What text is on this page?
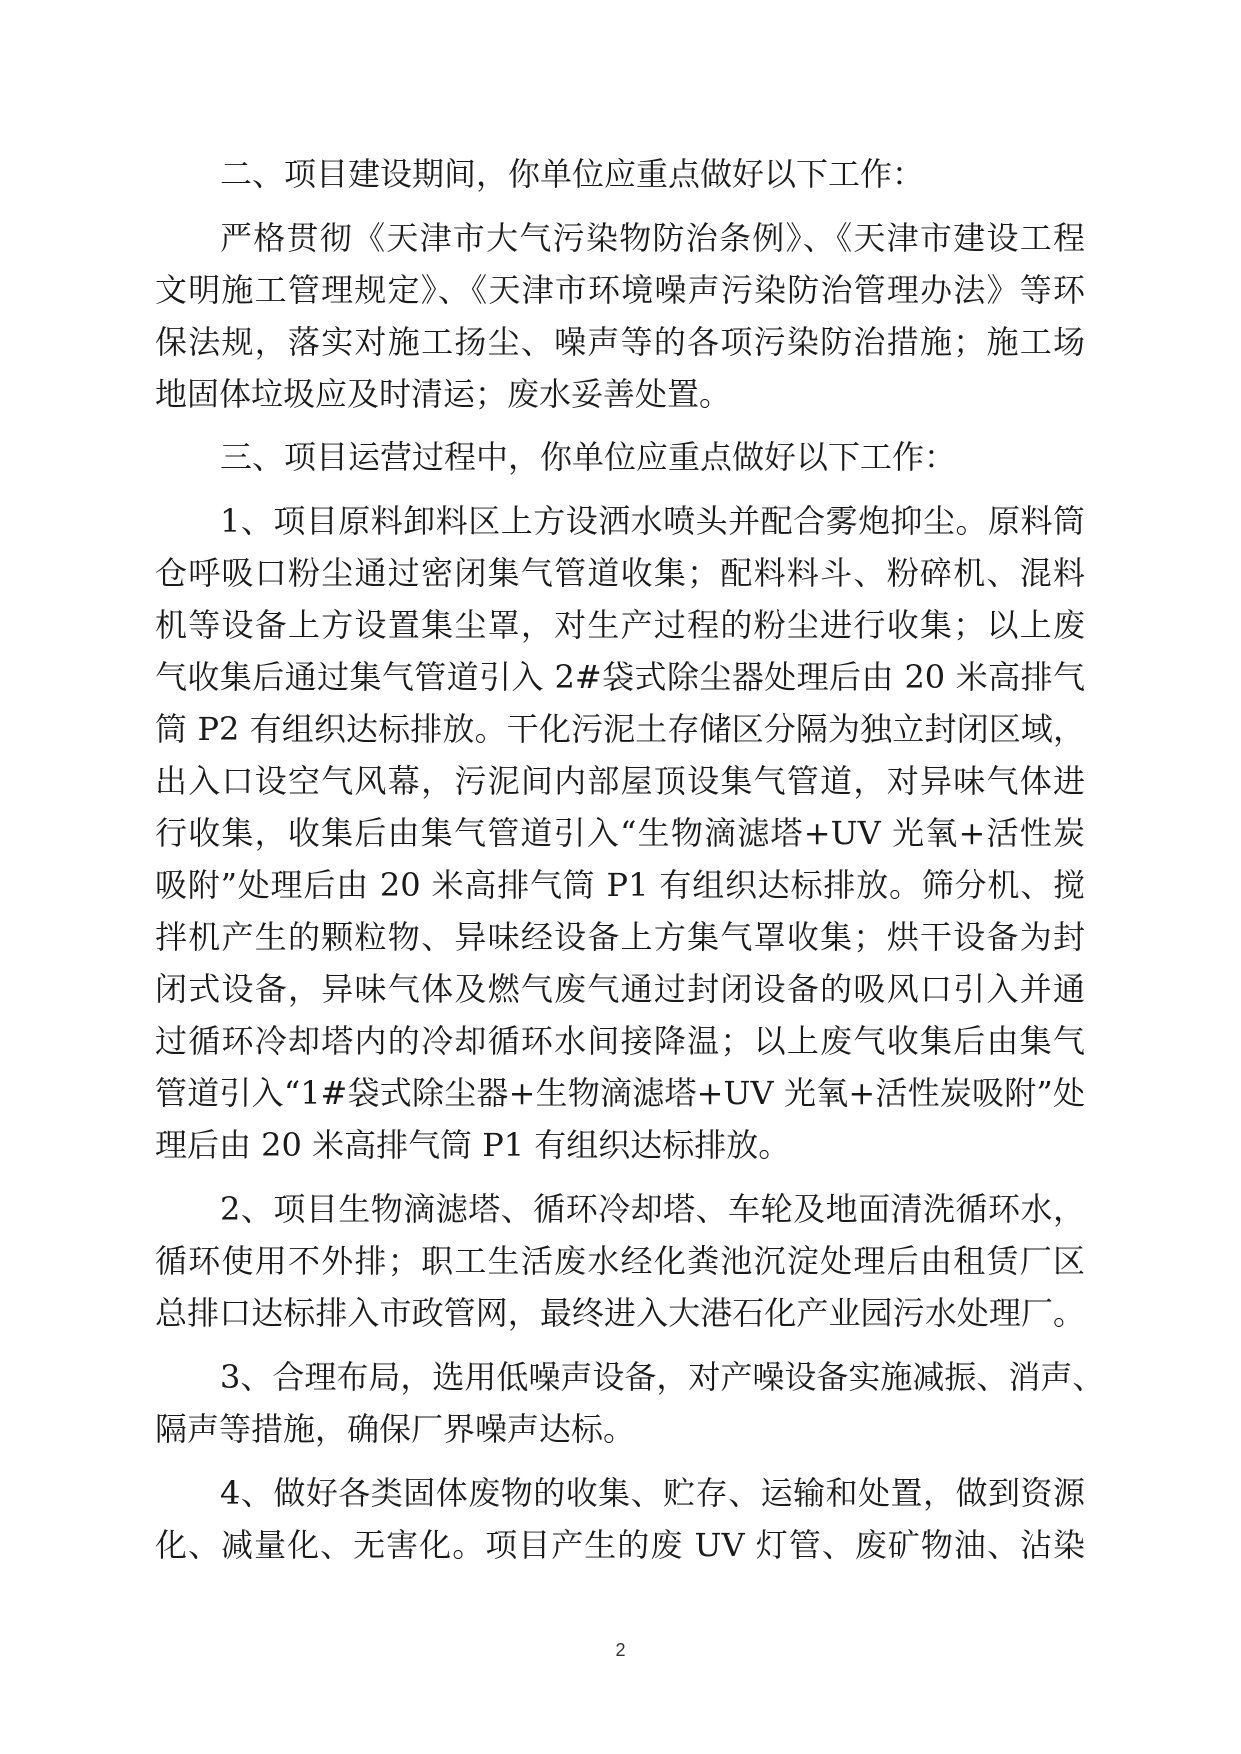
二、项目建设期间，你单位应重点做好以下工作：
严格贯彻《天津市大气污染物防治条例》、《天津市建设工程
文明施工管理规定》、《天津市环境噪声污染防治管理办法》等环
保法规，落实对施工扬尘、噪声等的各项污染防治措施；施工场
地固体垃圾应及时清运；废水妥善处置。
三、项目运营过程中，你单位应重点做好以下工作：
1、项目原料卸料区上方设洒水喷头并配合雾炮抑尘。原料筒
仓呼吸口粉尘通过密闭集气管道收集；配料料斗、粉碎机、混料
机等设备上方设置集尘罩，对生产过程的粉尘进行收集；以上废
气收集后通过集气管道引入 2#袋式除尘器处理后由 20 米高排气
筒 P2 有组织达标排放。干化污泥土存储区分隔为独立封闭区域，
出入口设空气风幕，污泥间内部屋顶设集气管道，对异味气体进
行收集，收集后由集气管道引入“生物滴滤塔+UV 光氧+活性炭
吸附”处理后由 20 米高排气筒 P1 有组织达标排放。筛分机、搅
拌机产生的颗粒物、异味经设备上方集气罩收集；烘干设备为封
闭式设备，异味气体及燃气废气通过封闭设备的吸风口引入并通
过循环冷却塔内的冷却循环水间接降温；以上废气收集后由集气
管道引入“1#袋式除尘器+生物滴滤塔+UV 光氧+活性炭吸附”处
理后由 20 米高排气筒 P1 有组织达标排放。
2、项目生物滴滤塔、循环冷却塔、车轮及地面清洗循环水，
循环使用不外排；职工生活废水经化粪池沉淀处理后由租赁厂区
总排口达标排入市政管网，最终进入大港石化产业园污水处理厂。
3、合理布局，选用低噪声设备，对产噪设备实施减振、消声、
隔声等措施，确保厂界噪声达标。
4、做好各类固体废物的收集、贮存、运输和处置，做到资源
化、减量化、无害化。项目产生的废 UV 灯管、废矿物油、沾染
2
